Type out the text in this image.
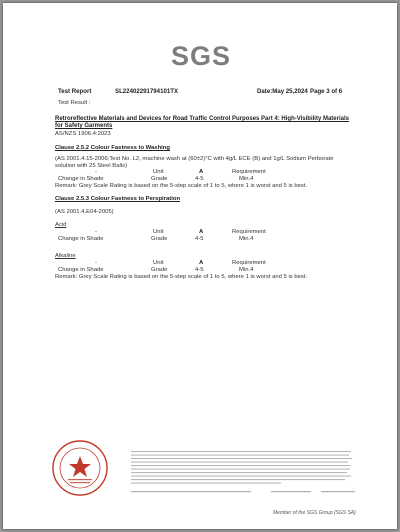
SGS
Test Report	SL22402291794101TX	Date:May 25,2024 Page 3 of 6
Test Result :
Retroreflective Materials and Devices for Road Traffic Control Purposes Part 4: High-Visibility Materials
for Safety Garments
AS/NZS 1906.4:2023
Clause 2.5.2 Colour Fastness to Washing
(AS 2001.4.15-2006;Test No. L2, machine wash at (60±2)°C with 4g/L ECE (B) and 1g/L Sodium Perborate
solution with 25 Steel Balls)
-	Unit	A	Requirement
Change in Shade	Grade	4-5	Min.4
Remark: Grey Scale Rating is based on the 5-step scale of 1 to 5, where 1 is worst and 5 is best.
Clause 2.5.3 Colour Fastness to Perspiration
(AS 2001.4.E04-2005)
Acid
-	Unit	A	Requirement
Change in Shade	Grade	4-5	Min.4
Alkaline
-	Unit	A	Requirement
Change in Shade	Grade	4-5	Min.4
Remark: Grey Scale Rating is based on the 5-step scale of 1 to 5, where 1 is worst and 5 is best.
Member of the SGS Group (SGS SA)
